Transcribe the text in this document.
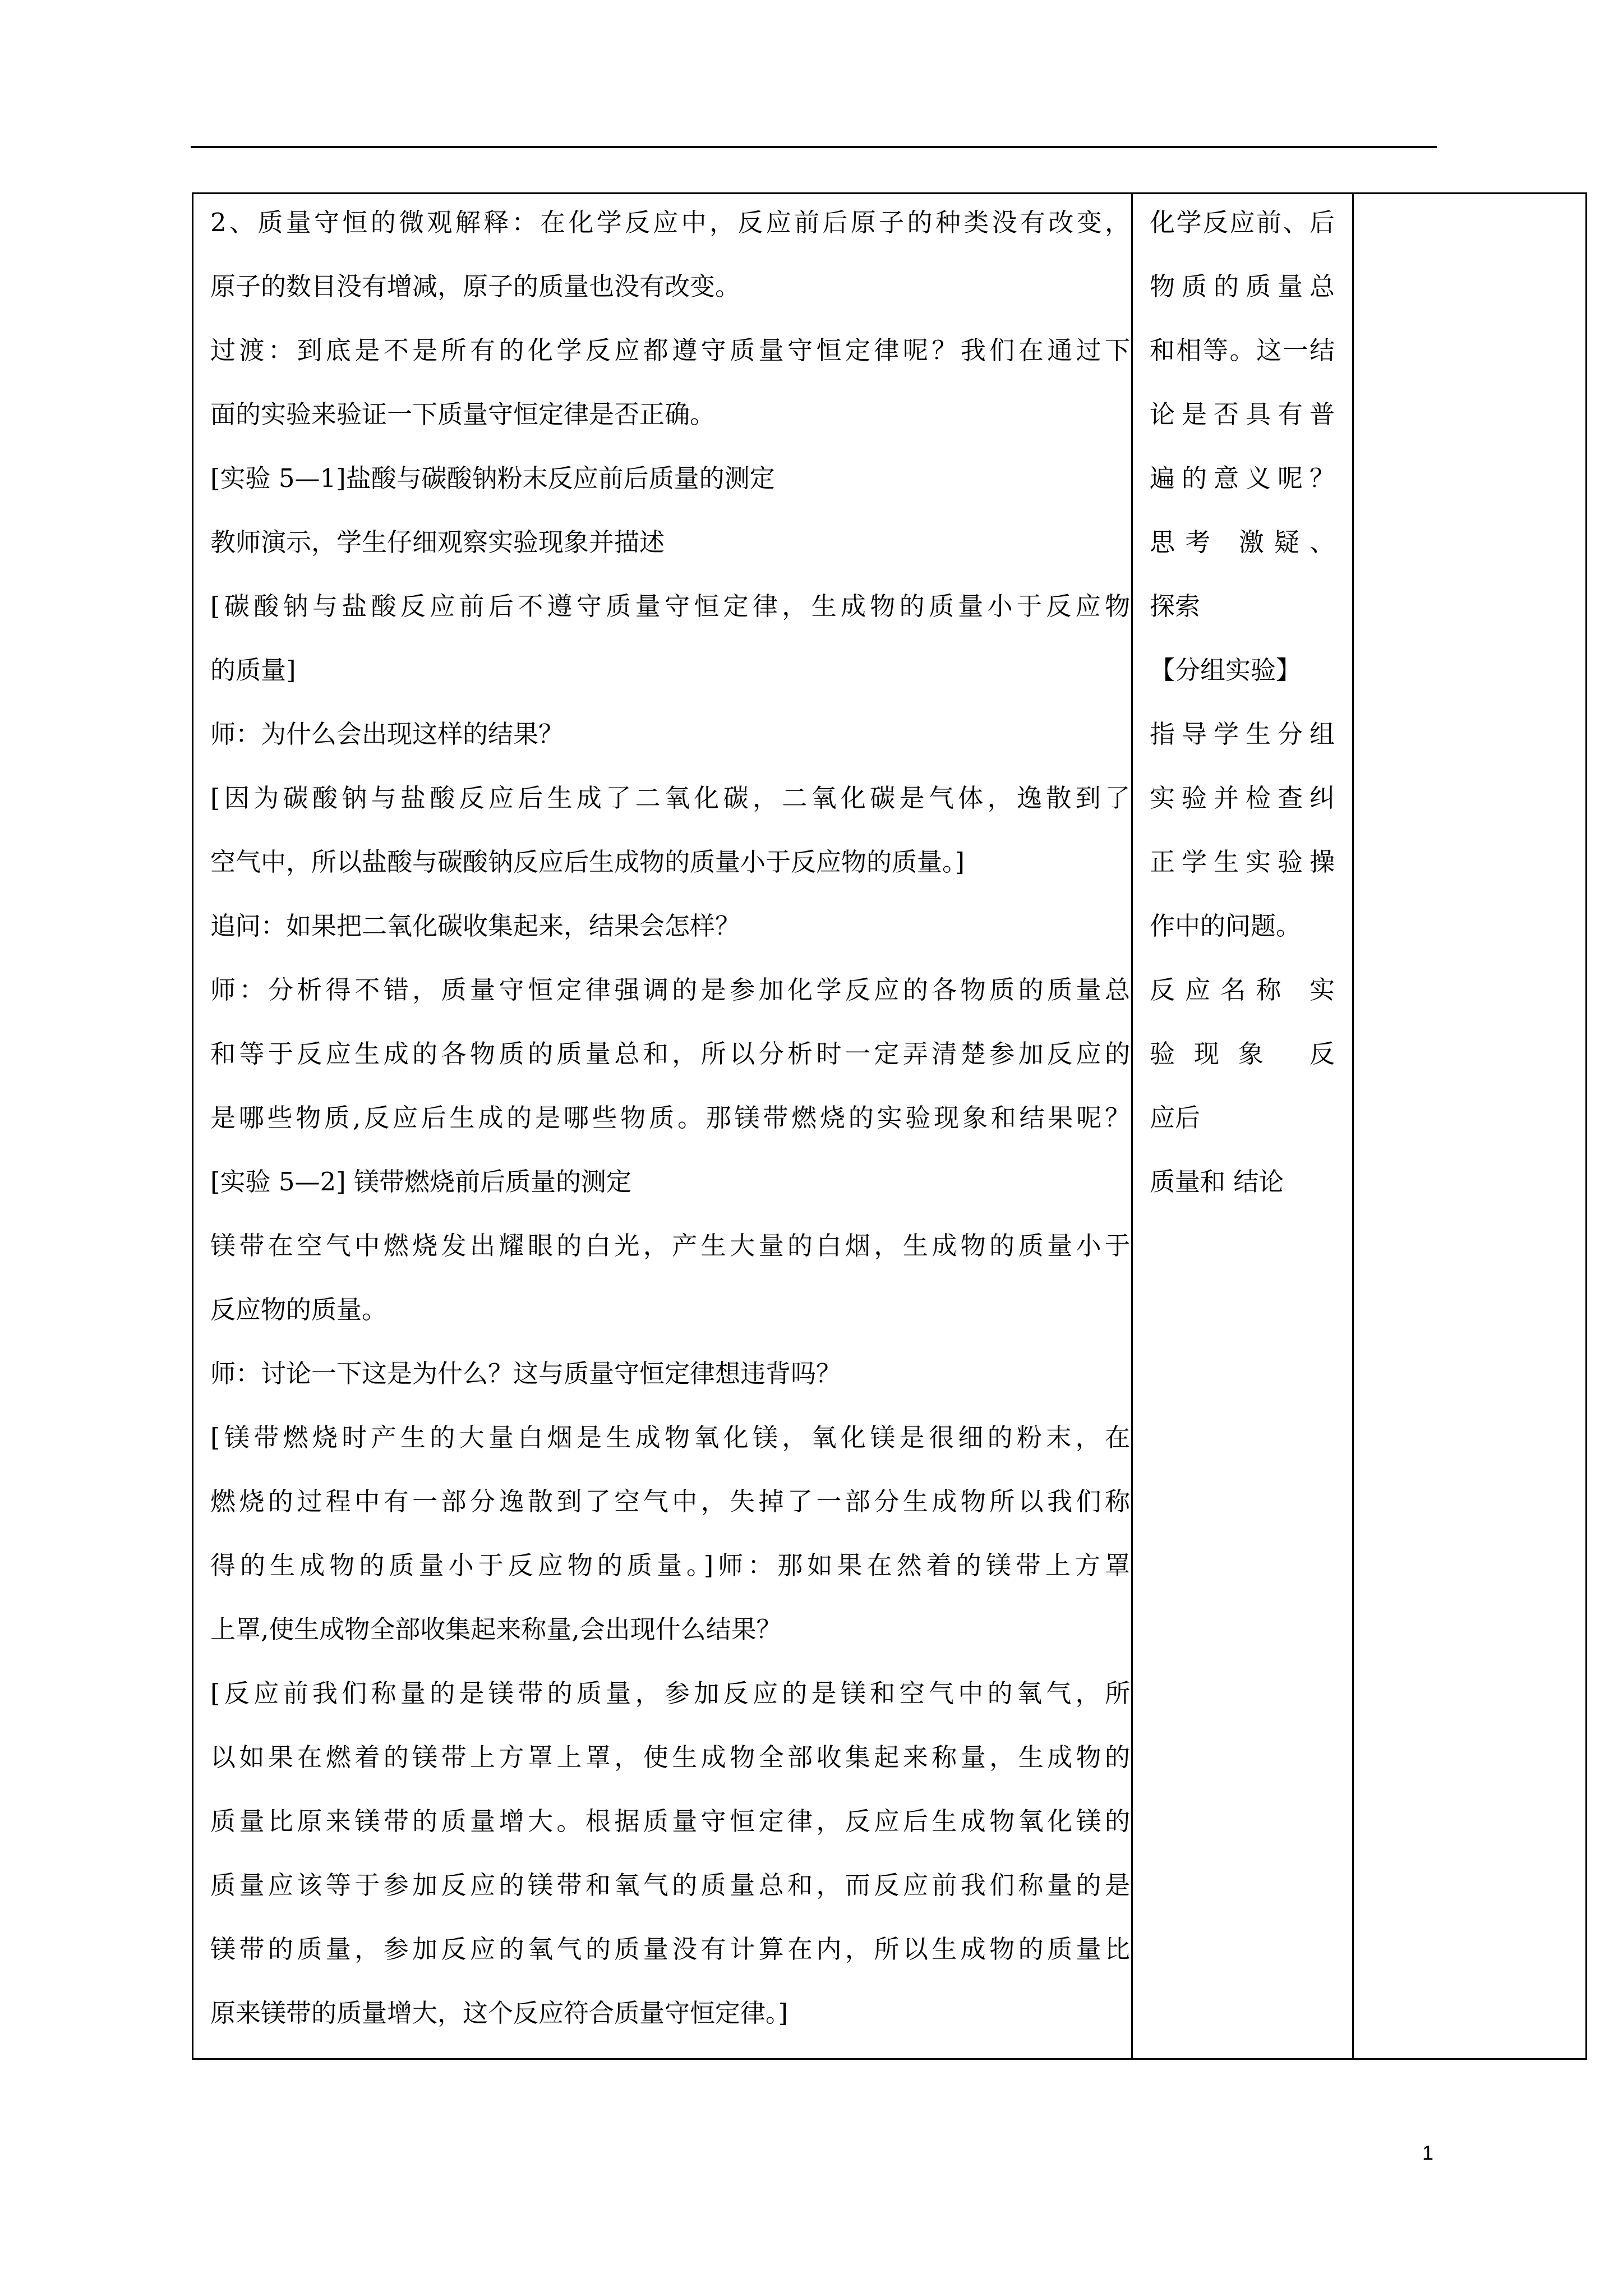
2、质量守恒的微观解释：在化学反应中，反应前后原子的种类没有改变，
原子的数目没有增减，原子的质量也没有改变。
过渡：到底是不是所有的化学反应都遵守质量守恒定律呢？我们在通过下
面的实验来验证一下质量守恒定律是否正确。
[实验 5—1]盐酸与碳酸钠粉末反应前后质量的测定
教师演示，学生仔细观察实验现象并描述
[碳酸钠与盐酸反应前后不遵守质量守恒定律，生成物的质量小于反应物
的质量]
师：为什么会出现这样的结果？
[因为碳酸钠与盐酸反应后生成了二氧化碳，二氧化碳是气体，逸散到了
空气中，所以盐酸与碳酸钠反应后生成物的质量小于反应物的质量。]
追问：如果把二氧化碳收集起来，结果会怎样？
师：分析得不错，质量守恒定律强调的是参加化学反应的各物质的质量总
和等于反应生成的各物质的质量总和，所以分析时一定弄清楚参加反应的
是哪些物质,反应后生成的是哪些物质。那镁带燃烧的实验现象和结果呢？
[实验 5—2] 镁带燃烧前后质量的测定
镁带在空气中燃烧发出耀眼的白光，产生大量的白烟，生成物的质量小于
反应物的质量。
师：讨论一下这是为什么？这与质量守恒定律想违背吗？
[镁带燃烧时产生的大量白烟是生成物氧化镁，氧化镁是很细的粉末，在
燃烧的过程中有一部分逸散到了空气中，失掉了一部分生成物所以我们称
得的生成物的质量小于反应物的质量。]师：那如果在然着的镁带上方罩
上罩,使生成物全部收集起来称量,会出现什么结果？
[反应前我们称量的是镁带的质量，参加反应的是镁和空气中的氧气，所
以如果在燃着的镁带上方罩上罩，使生成物全部收集起来称量，生成物的
质量比原来镁带的质量增大。根据质量守恒定律，反应后生成物氧化镁的
质量应该等于参加反应的镁带和氧气的质量总和，而反应前我们称量的是
镁带的质量，参加反应的氧气的质量没有计算在内，所以生成物的质量比
原来镁带的质量增大，这个反应符合质量守恒定律。]
化学反应前、后
物质的质量总
和相等。这一结
论是否具有普
遍的意义呢？
思考 激疑、
探索
【分组实验】
指导学生分组
实验并检查纠
正学生实验操
作中的问题。
反应名称 实
验现象 反
应后
质量和 结论
1
